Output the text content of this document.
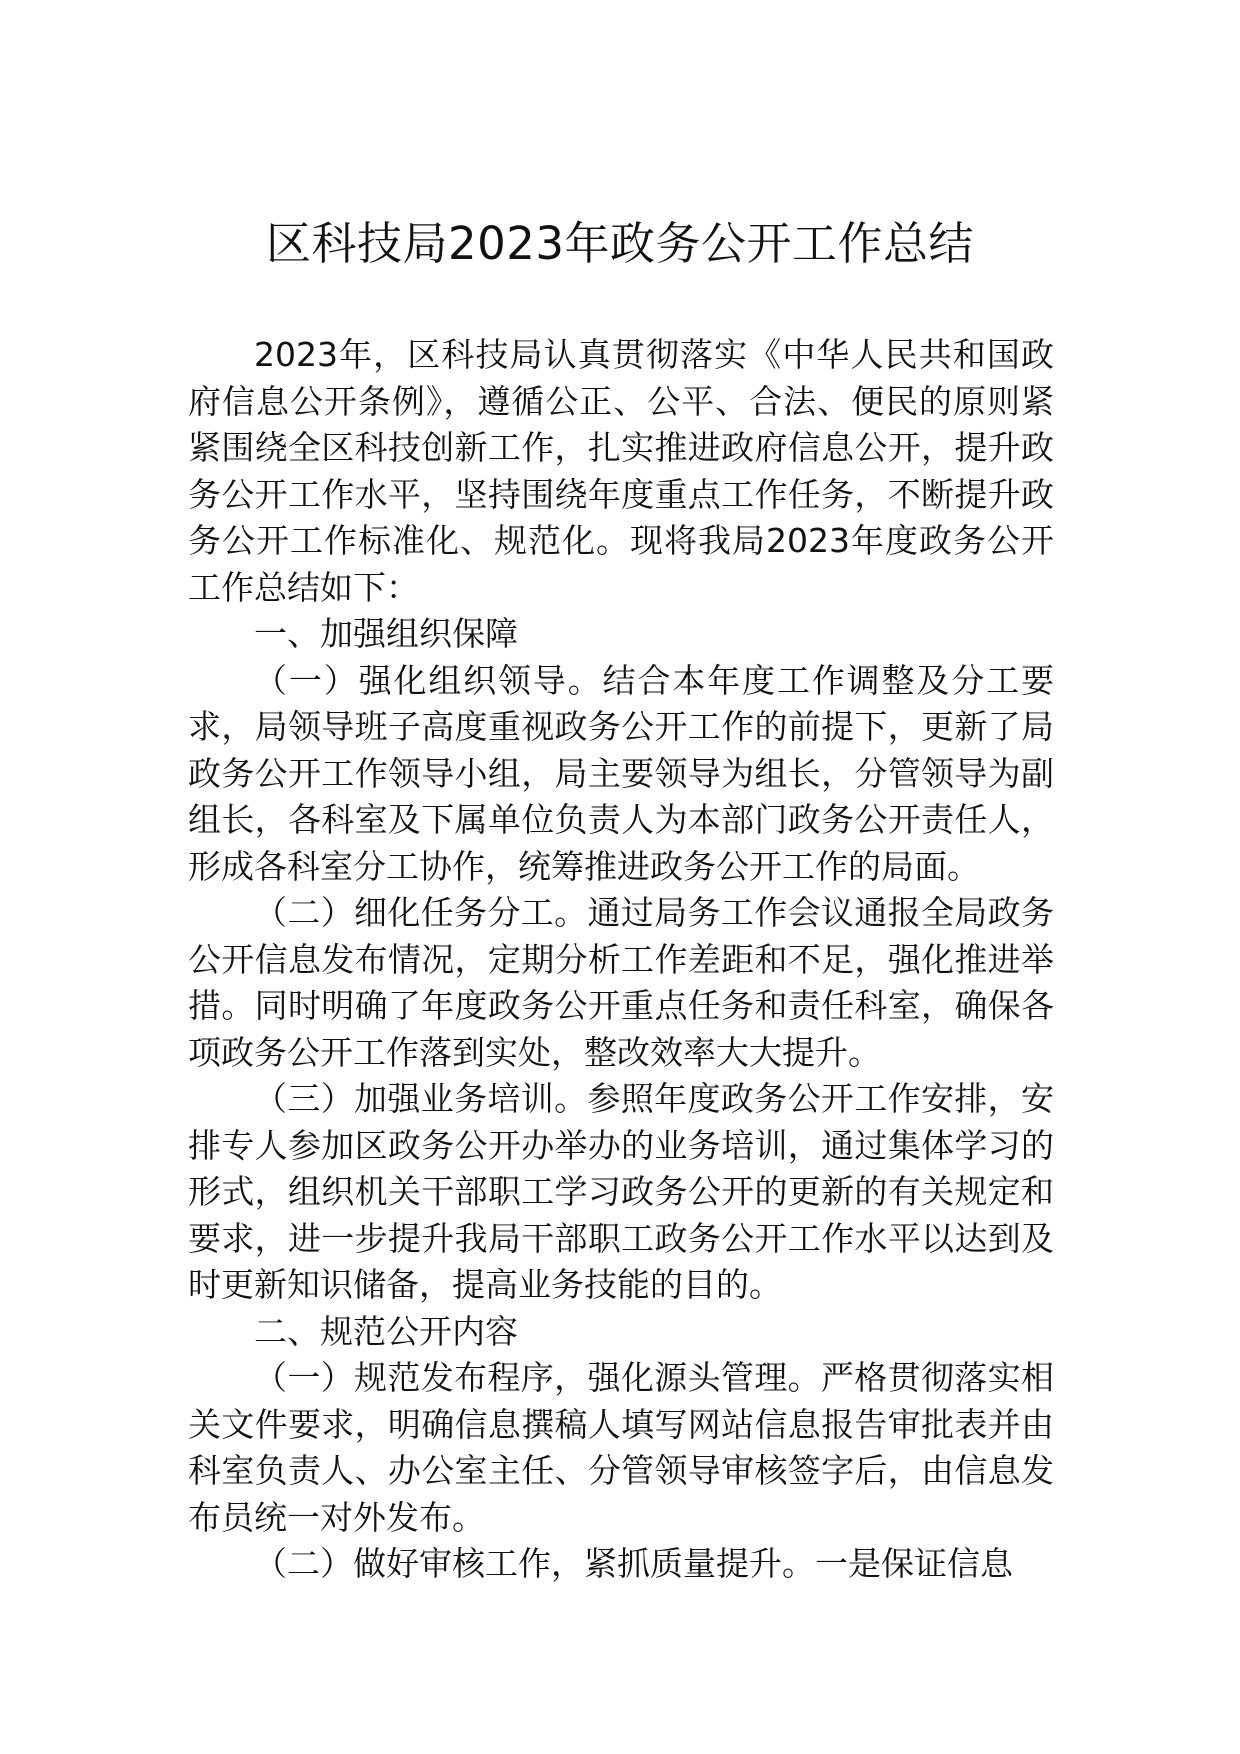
区科技局2023年政务公开工作总结

2023年，区科技局认真贯彻落实《中华人民共和国政府信息公开条例》，遵循公正、公平、合法、便民的原则紧紧围绕全区科技创新工作，扎实推进政府信息公开，提升政务公开工作水平，坚持围绕年度重点工作任务，不断提升政务公开工作标准化、规范化。现将我局2023年度政务公开工作总结如下：

一、加强组织保障

（一）强化组织领导。结合本年度工作调整及分工要求，局领导班子高度重视政务公开工作的前提下，更新了局政务公开工作领导小组，局主要领导为组长，分管领导为副组长，各科室及下属单位负责人为本部门政务公开责任人，形成各科室分工协作，统筹推进政务公开工作的局面。

（二）细化任务分工。通过局务工作会议通报全局政务公开信息发布情况，定期分析工作差距和不足，强化推进举措。同时明确了年度政务公开重点任务和责任科室，确保各项政务公开工作落到实处，整改效率大大提升。

（三）加强业务培训。参照年度政务公开工作安排，安排专人参加区政务公开办举办的业务培训，通过集体学习的形式，组织机关干部职工学习政务公开的更新的有关规定和要求，进一步提升我局干部职工政务公开工作水平以达到及时更新知识储备，提高业务技能的目的。

二、规范公开内容

（一）规范发布程序，强化源头管理。严格贯彻落实相关文件要求，明确信息撰稿人填写网站信息报告审批表并由科室负责人、办公室主任、分管领导审核签字后，由信息发布员统一对外发布。

（二）做好审核工作，紧抓质量提升。一是保证信息
